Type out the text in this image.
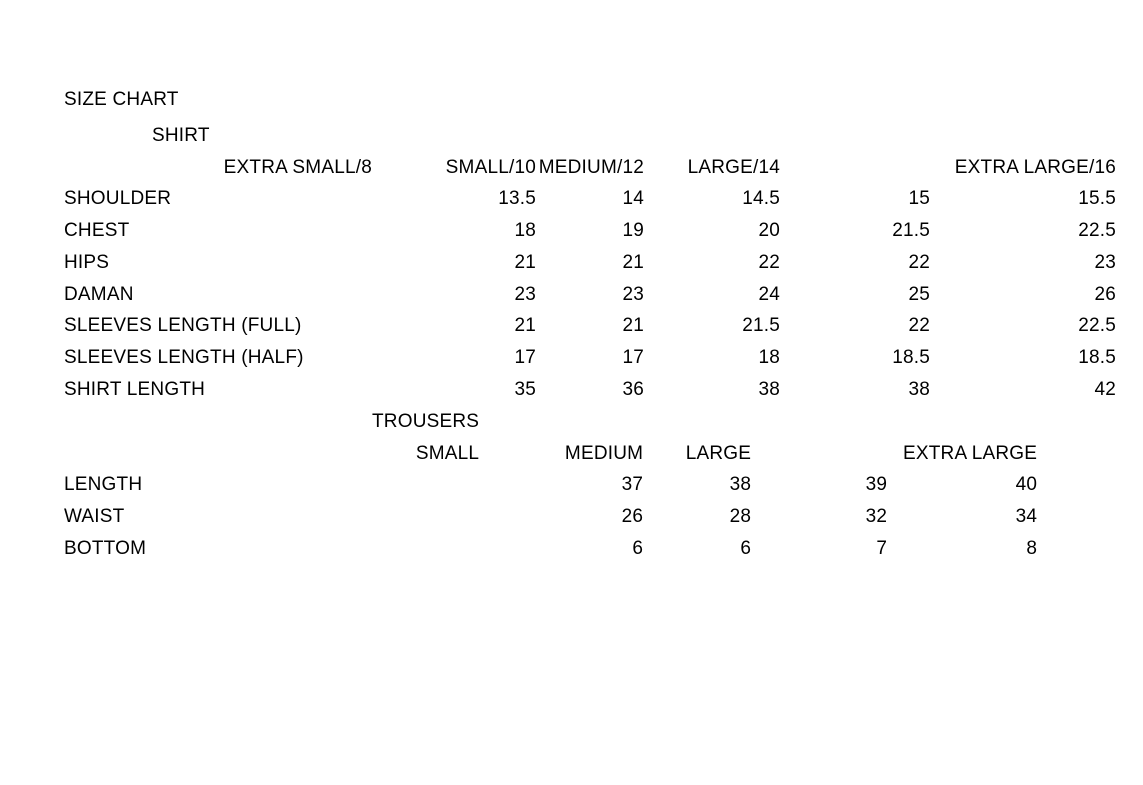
SIZE CHART
SHIRT					
EXTRA SMALL/8	SMALL/10	MEDIUM/12	LARGE/14	EXTRA LARGE/16	
SHOULDER	13.5	14	14.5	15	15.5
CHEST	18	19	20	21.5	22.5
HIPS	21	21	22	22	23
DAMAN	23	23	24	25	26
SLEEVES LENGTH (FULL)	21	21	21.5	22	22.5
SLEEVES LENGTH (HALF)	17	17	18	18.5	18.5
SHIRT LENGTH	35	36	38	38	42
TROUSERS				
SMALL	MEDIUM	LARGE	EXTRA LARGE	
LENGTH	37	38	39	40
WAIST	26	28	32	34
BOTTOM	6	6	7	8
